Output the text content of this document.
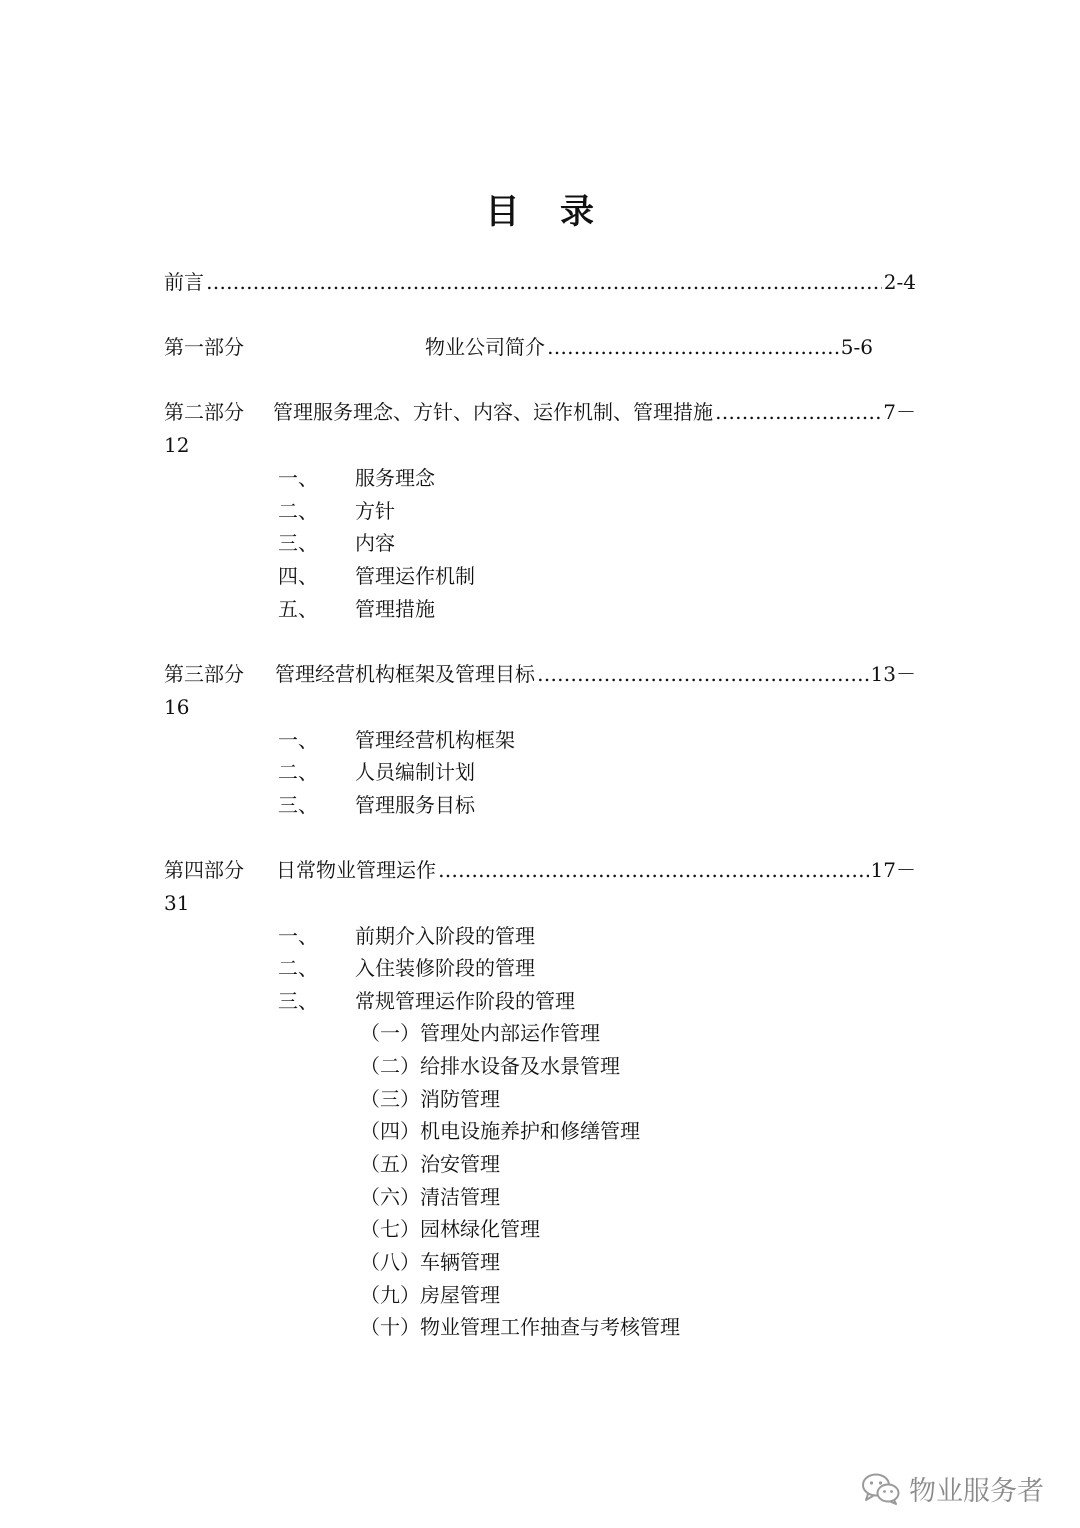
目 录
前言 …………………………………………………………………………………………………………………………………………………………………………	2-4
第一部分	物业公司简介 …………………………………………………………………………………………………………………………………………………………………………	5-6
第二部分 管理服务理念、方针、内容、运作机制、管理措施 …………………………………………………………………………………………………………………………………………………………………………	7－
12
一、 服务理念
二、 方针
三、 内容
四、 管理运作机制
五、 管理措施
第三部分 管理经营机构框架及管理目标 …………………………………………………………………………………………………………………………………………………………………………	13－
16
一、 管理经营机构框架
二、 人员编制计划
三、 管理服务目标
第四部分 日常物业管理运作 …………………………………………………………………………………………………………………………………………………………………………	17－
31
一、 前期介入阶段的管理
二、 入住装修阶段的管理
三、 常规管理运作阶段的管理
（一）管理处内部运作管理
（二）给排水设备及水景管理
（三）消防管理
（四）机电设施养护和修缮管理
（五）治安管理
（六）清洁管理
（七）园林绿化管理
（八）车辆管理
（九）房屋管理
（十）物业管理工作抽查与考核管理
物业服务者
